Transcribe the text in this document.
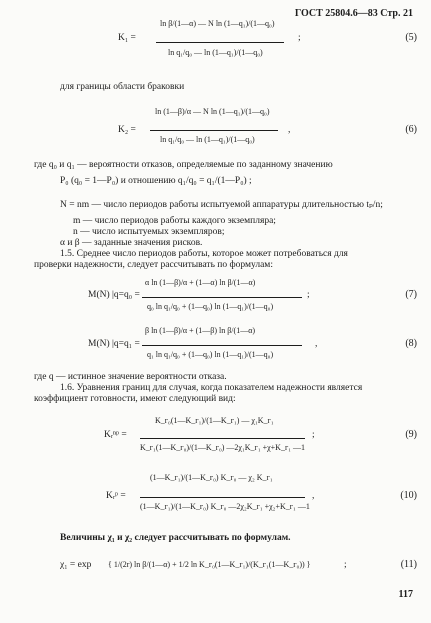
ГОСТ 25804.6—83 Стр. 21
K₁ =
ln β/(1—α) — N ln (1—q₁)/(1—q₀)
ln q₁/q₀ — ln (1—q₁)/(1—q₀)
;	(5)
для границы области браковки
K₂ =
ln (1—β)/α — N ln (1—q₁)/(1—q₀)
ln q₁/q₀ — ln (1—q₁)/(1—q₀)
,	(6)
где q₀ и q₁ — вероятности отказов, определяемые по заданному значению
P₀ (q₀ = 1—P₀) и отношению q₁/q₀ = q₁/(1—P₀) ;
N = nm — число периодов работы испытуемой аппаратуры длительностью tₚ/n;
m — число периодов работы каждого экземпляра;
n — число испытуемых экземпляров;
α и β — заданные значения рисков.
1.5. Среднее число периодов работы, которое может потребоваться для
проверки надежности, следует рассчитывать по формулам:
M(N) |q=q₀ =
α ln (1—β)/α + (1—α) ln β/(1—α)
q₀ ln q₁/q₀ + (1—q₀) ln (1—q₁)/(1—q₀)
;	(7)
M(N) |q=q₁ =
β ln (1—β)/α + (1—β) ln β/(1—α)
q₁ ln q₁/q₀ + (1—q₀) ln (1—q₁)/(1—q₀)
,	(8)
где q — истинное значение вероятности отказа.
1.6. Уравнения границ для случая, когда показателем надежности является
коэффициент готовности, имеют следующий вид:
Kᵣⁿᵖ =
K_г₀(1—K_г₁)/(1—K_г₁) — χ₁K_г₁
K_г₁(1—K_г₀)/(1—K_г₀) —2χ₁K_г₁ +χ+K_г₁ —1
;	(9)
Kᵣᵖ =
(1—K_г₁)/(1—K_г₀) K_г₀ — χ₂ K_г₁
(1—K_г₁)/(1—K_г₀) K_г₀ —2χ₂K_г₁ +χ₂+K_г₁ —1
,	(10)
Величины χ₁ и χ₂ следует рассчитывать по формулам.
χ₁ = exp { 1/(2r) ln β/(1—α) + 1/2 ln K_г₀(1—K_г₁)/(K_г₁(1—K_г₀)) }	;	(11)
117
